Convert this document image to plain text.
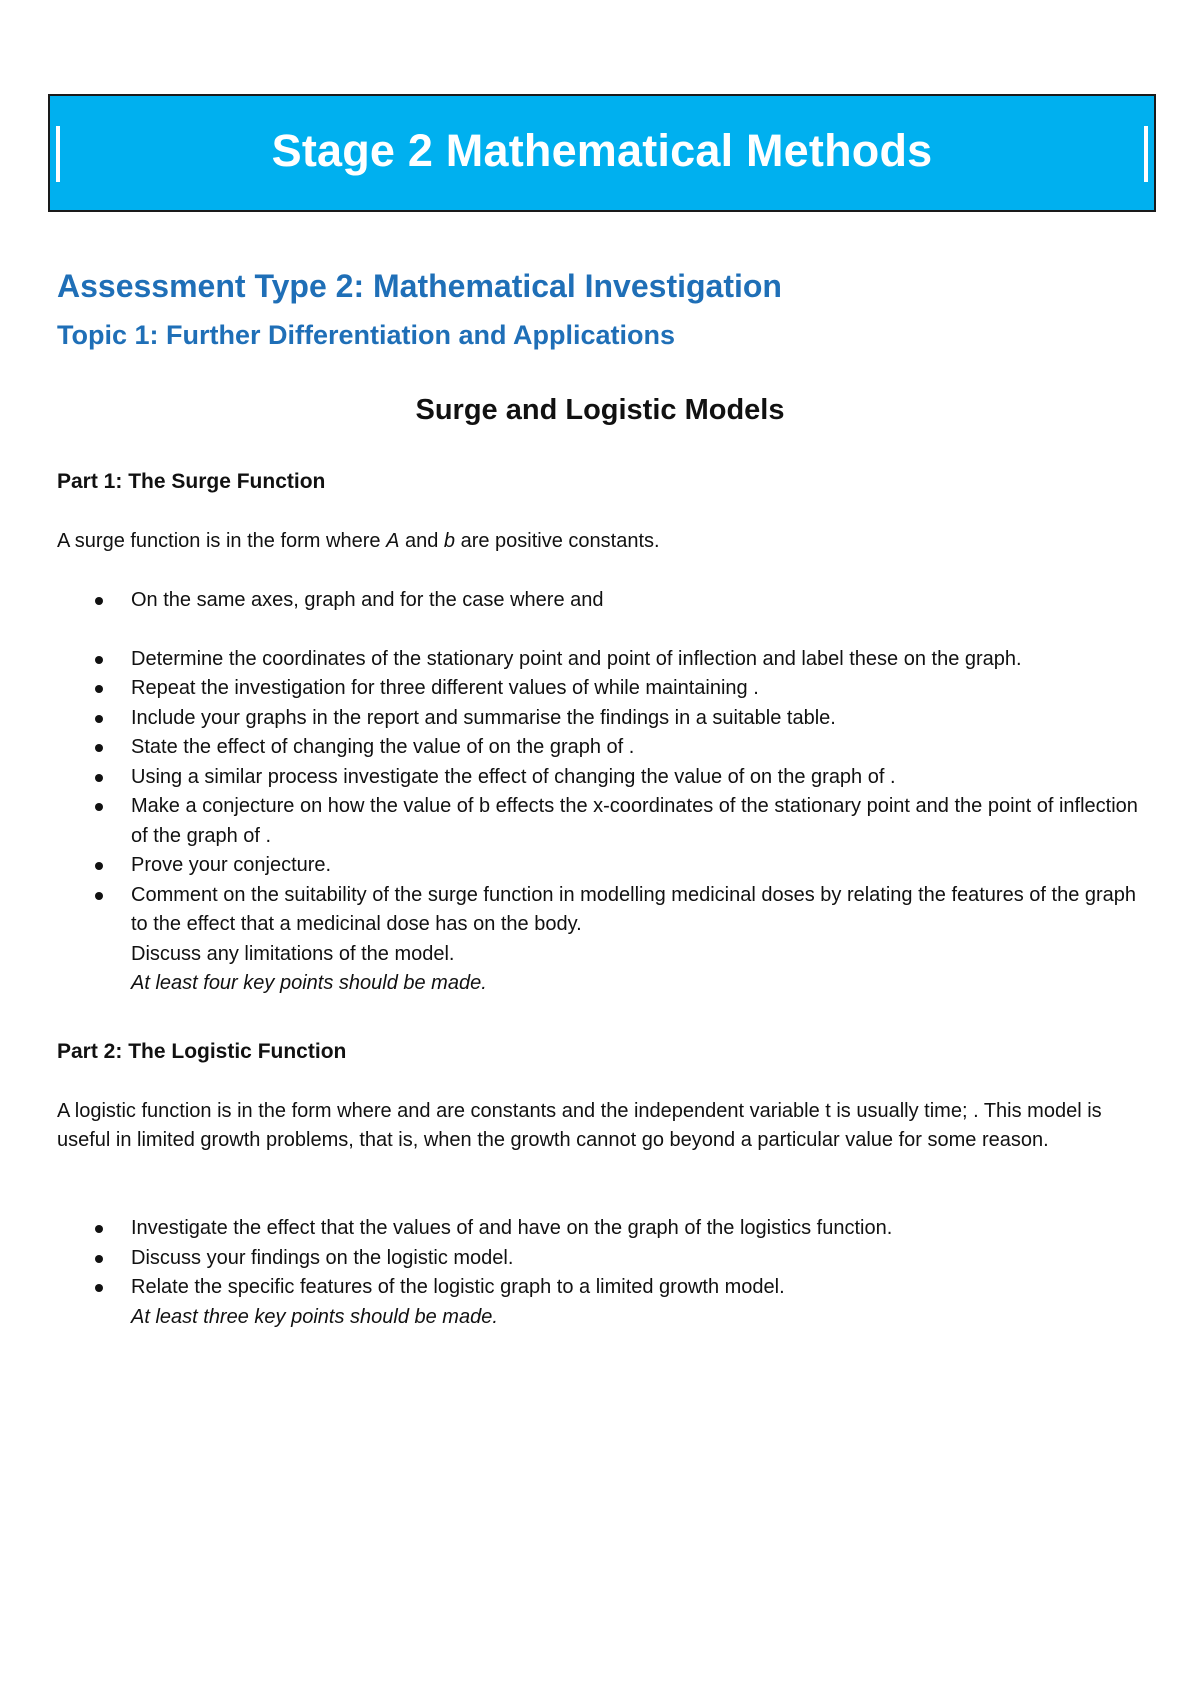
Stage 2 Mathematical Methods
Assessment Type 2: Mathematical Investigation
Topic 1: Further Differentiation and Applications
Surge and Logistic Models
Part 1: The Surge Function
A surge function is in the form where A and b are positive constants.
On the same axes, graph and for the case where and
Determine the coordinates of the stationary point and point of inflection and label these on the graph.
Repeat the investigation for three different values of while maintaining .
Include your graphs in the report and summarise the findings in a suitable table.
State the effect of changing the value of on the graph of .
Using a similar process investigate the effect of changing the value of on the graph of .
Make a conjecture on how the value of b effects the x-coordinates of the stationary point and the point of inflection of the graph of .
Prove your conjecture.
Comment on the suitability of the surge function in modelling medicinal doses by relating the features of the graph to the effect that a medicinal dose has on the body.
Discuss any limitations of the model.
At least four key points should be made.
Part 2: The Logistic Function
A logistic function is in the form where and are constants and the independent variable t is usually time; . This model is useful in limited growth problems, that is, when the growth cannot go beyond a particular value for some reason.
Investigate the effect that the values of and have on the graph of the logistics function.
Discuss your findings on the logistic model.
Relate the specific features of the logistic graph to a limited growth model.
At least three key points should be made.
